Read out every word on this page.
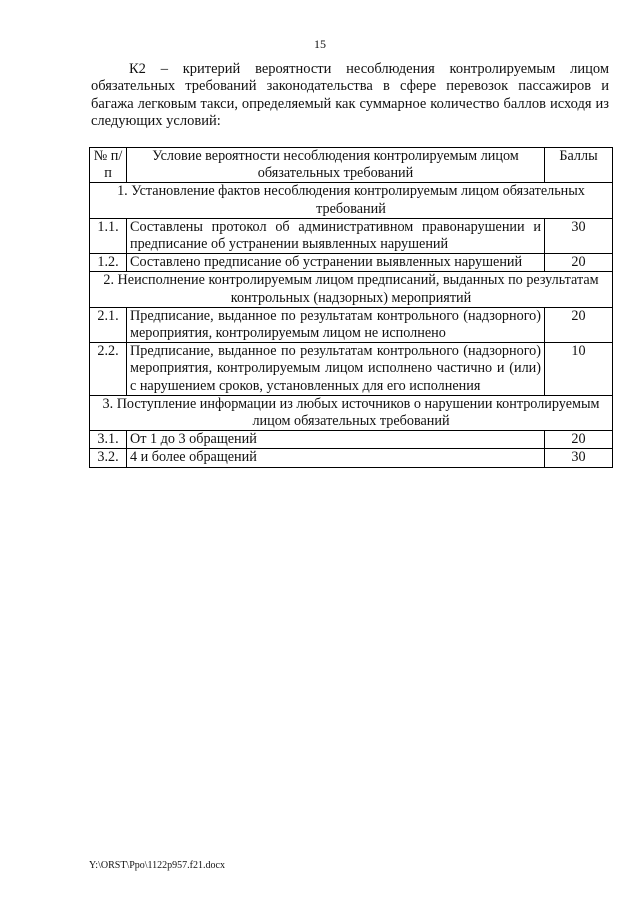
15

К2 – критерий вероятности несоблюдения контролируемым лицом обязательных требований законодательства в сфере перевозок пассажиров и багажа легковым такси, определяемый как суммарное количество баллов исходя из следующих условий:

№ п/п	Условие вероятности несоблюдения контролируемым лицом обязательных требований	Баллы
1. Установление фактов несоблюдения контролируемым лицом обязательных требований		
1.1.	Составлены протокол об административном правонарушении и предписание об устранении выявленных нарушений	30
1.2.	Составлено предписание об устранении выявленных нарушений	20
2. Неисполнение контролируемым лицом предписаний, выданных по результатам контрольных (надзорных) мероприятий		
2.1.	Предписание, выданное по результатам контрольного (надзорного) мероприятия, контролируемым лицом не исполнено	20
2.2.	Предписание, выданное по результатам контрольного (надзорного) мероприятия, контролируемым лицом исполнено частично и (или) с нарушением сроков, установленных для его исполнения	10
3. Поступление информации из любых источников о нарушении контролируемым лицом обязательных требований		
3.1.	От 1 до 3 обращений	20
3.2.	4 и более обращений	30
Y:\ORST\Ppo\1122p957.f21.docx
